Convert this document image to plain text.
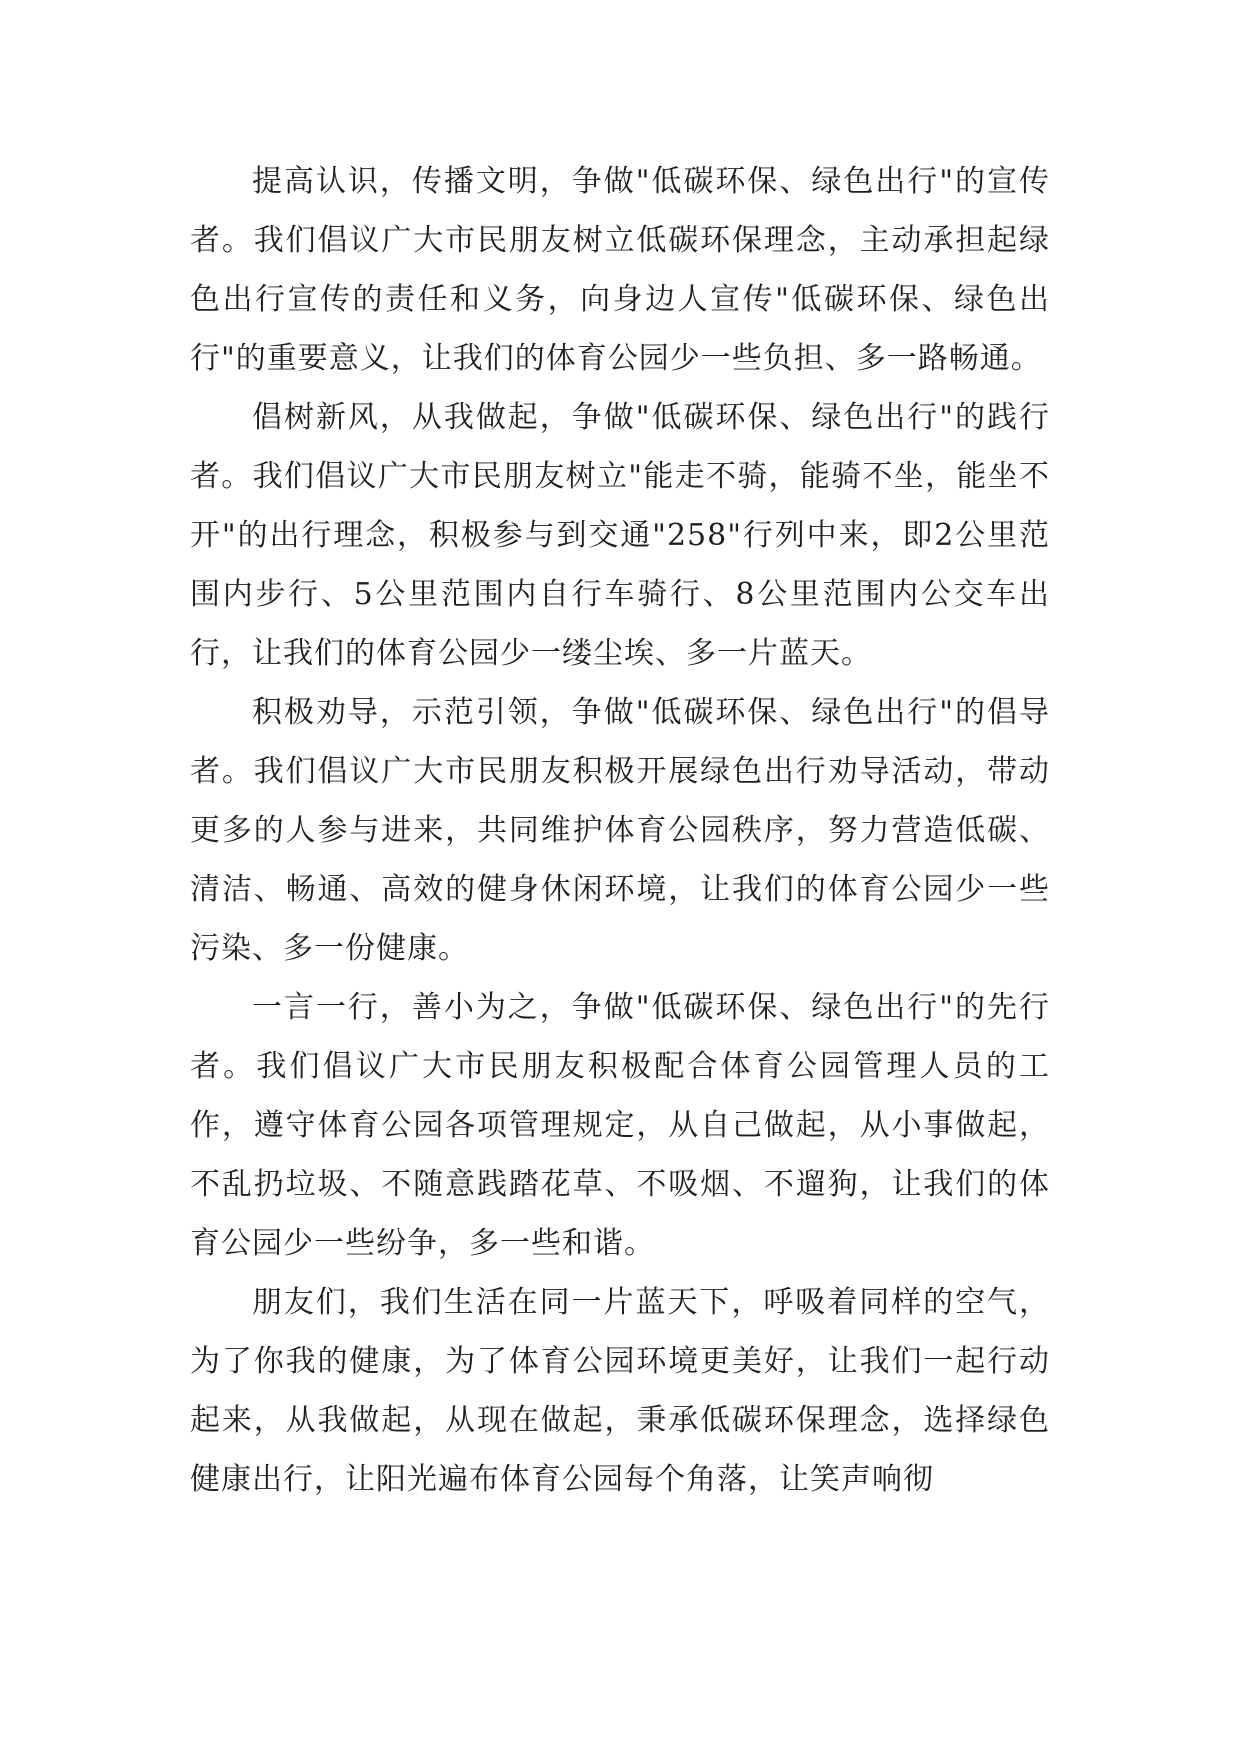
提高认识，传播文明，争做"低碳环保、绿色出行"的宣传者。我们倡议广大市民朋友树立低碳环保理念，主动承担起绿色出行宣传的责任和义务，向身边人宣传"低碳环保、绿色出行"的重要意义，让我们的体育公园少一些负担、多一路畅通。

倡树新风，从我做起，争做"低碳环保、绿色出行"的践行者。我们倡议广大市民朋友树立"能走不骑，能骑不坐，能坐不开"的出行理念，积极参与到交通"258"行列中来，即2公里范围内步行、5公里范围内自行车骑行、8公里范围内公交车出行，让我们的体育公园少一缕尘埃、多一片蓝天。

积极劝导，示范引领，争做"低碳环保、绿色出行"的倡导者。我们倡议广大市民朋友积极开展绿色出行劝导活动，带动更多的人参与进来，共同维护体育公园秩序，努力营造低碳、清洁、畅通、高效的健身休闲环境，让我们的体育公园少一些污染、多一份健康。

一言一行，善小为之，争做"低碳环保、绿色出行"的先行者。我们倡议广大市民朋友积极配合体育公园管理人员的工作，遵守体育公园各项管理规定，从自己做起，从小事做起，不乱扔垃圾、不随意践踏花草、不吸烟、不遛狗，让我们的体育公园少一些纷争，多一些和谐。

朋友们，我们生活在同一片蓝天下，呼吸着同样的空气，为了你我的健康，为了体育公园环境更美好，让我们一起行动起来，从我做起，从现在做起，秉承低碳环保理念，选择绿色健康出行，让阳光遍布体育公园每个角落，让笑声响彻
